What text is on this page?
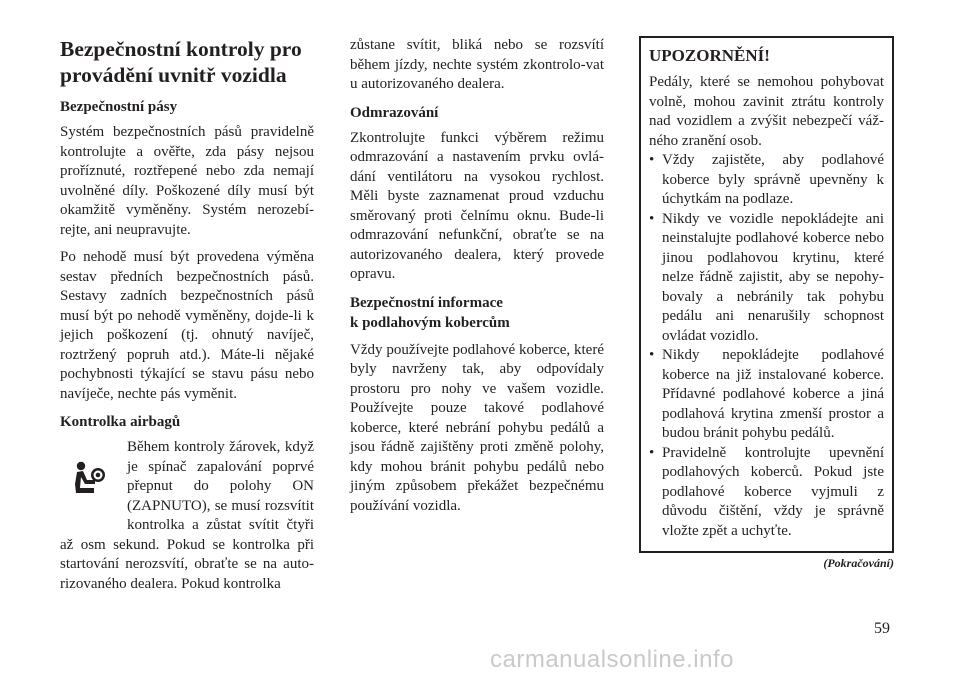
Bezpečnostní kontroly pro provádění uvnitř vozidla
Bezpečnostní pásy
Systém bezpečnostních pásů pravidelně kontrolujte a ověřte, zda pásy nejsou proříznuté, roztřepené nebo zda nemají uvolněné díly. Poškozené díly musí být okamžitě vyměněny. Systém nerozebí-rejte, ani neupravujte.
Po nehodě musí být provedena výměna sestav předních bezpečnostních pásů. Sestavy zadních bezpečnostních pásů musí být po nehodě vyměněny, dojde-li k jejich poškození (tj. ohnutý navíječ, roztržený popruh atd.). Máte-li nějaké pochybnosti týkající se stavu pásu nebo navíječe, nechte pás vyměnit.
Kontrolka airbagů
Během kontroly žárovek, když je spínač zapalování poprvé přepnut do polohy ON (ZAPNUTO), se musí rozsvítit kontrolka a zůstat svítit čtyři až osm sekund. Pokud se kontrolka při startování nerozsvítí, obraťte se na auto-rizovaného dealera. Pokud kontrolka
zůstane svítit, bliká nebo se rozsvítí během jízdy, nechte systém zkontrolo-vat u autorizovaného dealera.
Odmrazování
Zkontrolujte funkci výběrem režimu odmrazování a nastavením prvku ovlá-dání ventilátoru na vysokou rychlost. Měli byste zaznamenat proud vzduchu směrovaný proti čelnímu oknu. Bude-li odmrazování nefunkční, obraťte se na autorizovaného dealera, který provede opravu.
Bezpečnostní informace
k podlahovým kobercům
Vždy používejte podlahové koberce, které byly navrženy tak, aby odpovídaly prostoru pro nohy ve vašem vozidle. Používejte pouze takové podlahové koberce, které nebrání pohybu pedálů a jsou řádně zajištěny proti změně polohy, kdy mohou bránit pohybu pedálů nebo jiným způsobem překážet bezpečnému používání vozidla.
UPOZORNĚNÍ!
Pedály, které se nemohou pohybovat volně, mohou zavinit ztrátu kontroly nad vozidlem a zvýšit nebezpečí váž-ného zranění osob.
• Vždy zajistěte, aby podlahové koberce byly správně upevněny k úchytkám na podlaze.
• Nikdy ve vozidle nepokládejte ani neinstalujte podlahové koberce nebo jinou podlahovou krytinu, které nelze řádně zajistit, aby se nepohy-bovaly a nebránily tak pohybu pedálu ani nenarušily schopnost ovládat vozidlo.
• Nikdy nepokládejte podlahové koberce na již instalované koberce. Přídavné podlahové koberce a jiná podlahová krytina zmenší prostor a budou bránit pohybu pedálů.
• Pravidelně kontrolujte upevnění podlahových koberců. Pokud jste podlahové koberce vyjmuli z důvodu čištění, vždy je správně vložte zpět a uchyťte.
(Pokračování)
59
carmanualsonline.info
